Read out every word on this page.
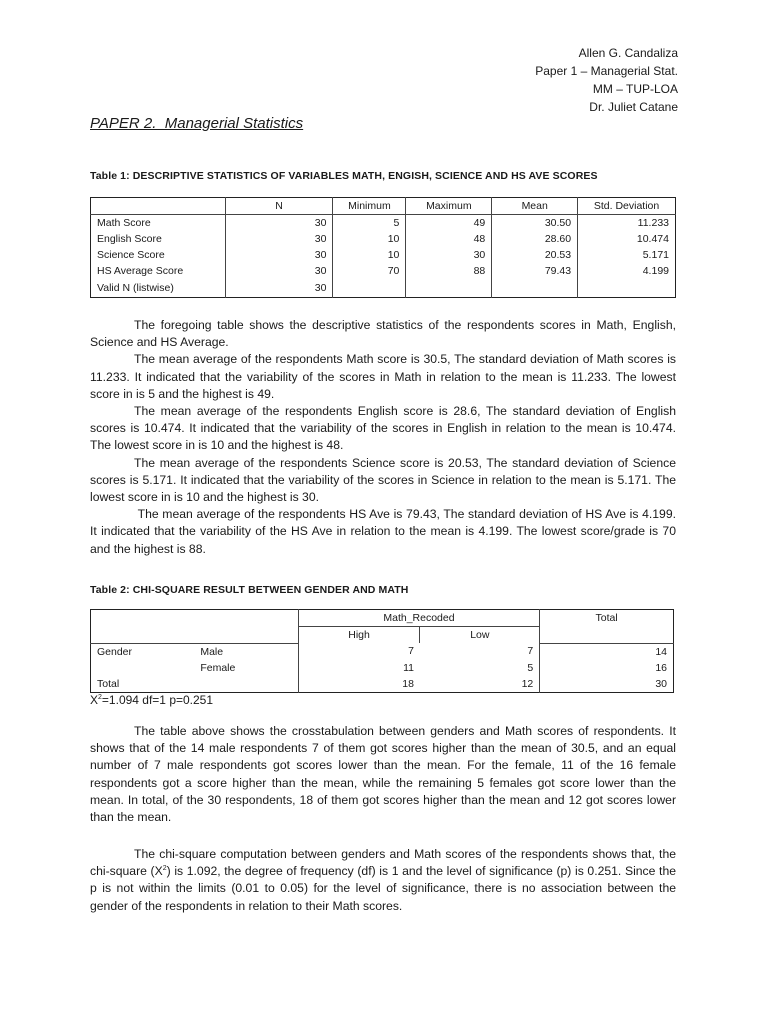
Allen G. Candaliza
Paper 1 – Managerial Stat.
MM – TUP-LOA
Dr. Juliet Catane
PAPER 2.  Managerial Statistics
Table 1: DESCRIPTIVE STATISTICS OF VARIABLES MATH, ENGISH, SCIENCE AND HS AVE SCORES
	N	Minimum	Maximum	Mean	Std. Deviation
Math Score	30	5	49	30.50	11.233
English Score	30	10	48	28.60	10.474
Science Score	30	10	30	20.53	5.171
HS Average Score	30	70	88	79.43	4.199
Valid N (listwise)	30				

The foregoing table shows the descriptive statistics of the respondents scores in Math, English, Science and HS Average.

The mean average of the respondents Math score is 30.5, The standard deviation of Math scores is 11.233. It indicated that the variability of the scores in Math in relation to the mean is 11.233. The lowest score in is 5 and the highest is 49.

The mean average of the respondents English score is 28.6, The standard deviation of English scores is 10.474. It indicated that the variability of the scores in English in relation to the mean is 10.474. The lowest score in is 10 and the highest is 48.

The mean average of the respondents Science score is 20.53, The standard deviation of Science scores is 5.171. It indicated that the variability of the scores in Science in relation to the mean is 5.171. The lowest score in is 10 and the highest is 30.

The mean average of the respondents HS Ave is 79.43, The standard deviation of HS Ave is 4.199. It indicated that the variability of the HS Ave in relation to the mean is 4.199. The lowest score/grade is 70 and the highest is 88.

Table 2: CHI-SQUARE RESULT BETWEEN GENDER AND MATH
		Math_Recoded		Total
		High	Low	
Gender	Male	7	7	14
	Female	11	5	16
Total		18	12	30
$X^2=1.094$ df=1 p=0.251

The table above shows the crosstabulation between genders and Math scores of respondents. It shows that of the 14 male respondents 7 of them got scores higher than the mean of 30.5, and an equal number of 7 male respondents got scores lower than the mean. For the female, 11 of the 16 female respondents got a score higher than the mean, while the remaining 5 females got score lower than the mean. In total, of the 30 respondents, 18 of them got scores higher than the mean and 12 got scores lower than the mean.

The chi-square computation between genders and Math scores of the respondents shows that, the chi-square $(X^2)$ is 1.092, the degree of frequency (df) is 1 and the level of significance (p) is 0.251. Since the p is not within the limits (0.01 to 0.05) for the level of significance, there is no association between the gender of the respondents in relation to their Math scores.
